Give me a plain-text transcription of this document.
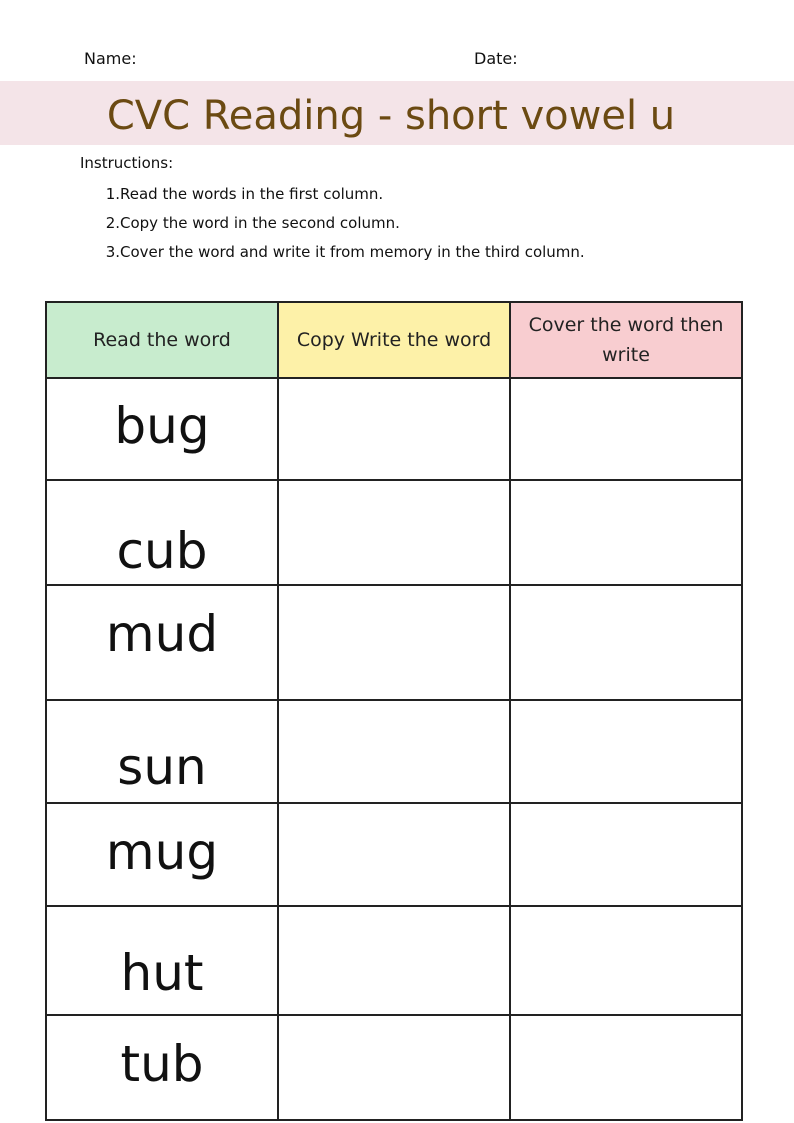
Name:	Date:
CVC Reading - short vowel u
Instructions:
1.Read the words in the first column.
2.Copy the word in the second column.
3.Cover the word and write it from memory in the third column.
Read the word	Copy Write the word	Cover the word then write
bug		
cub		
mud		
sun		
mug		
hut		
tub		
